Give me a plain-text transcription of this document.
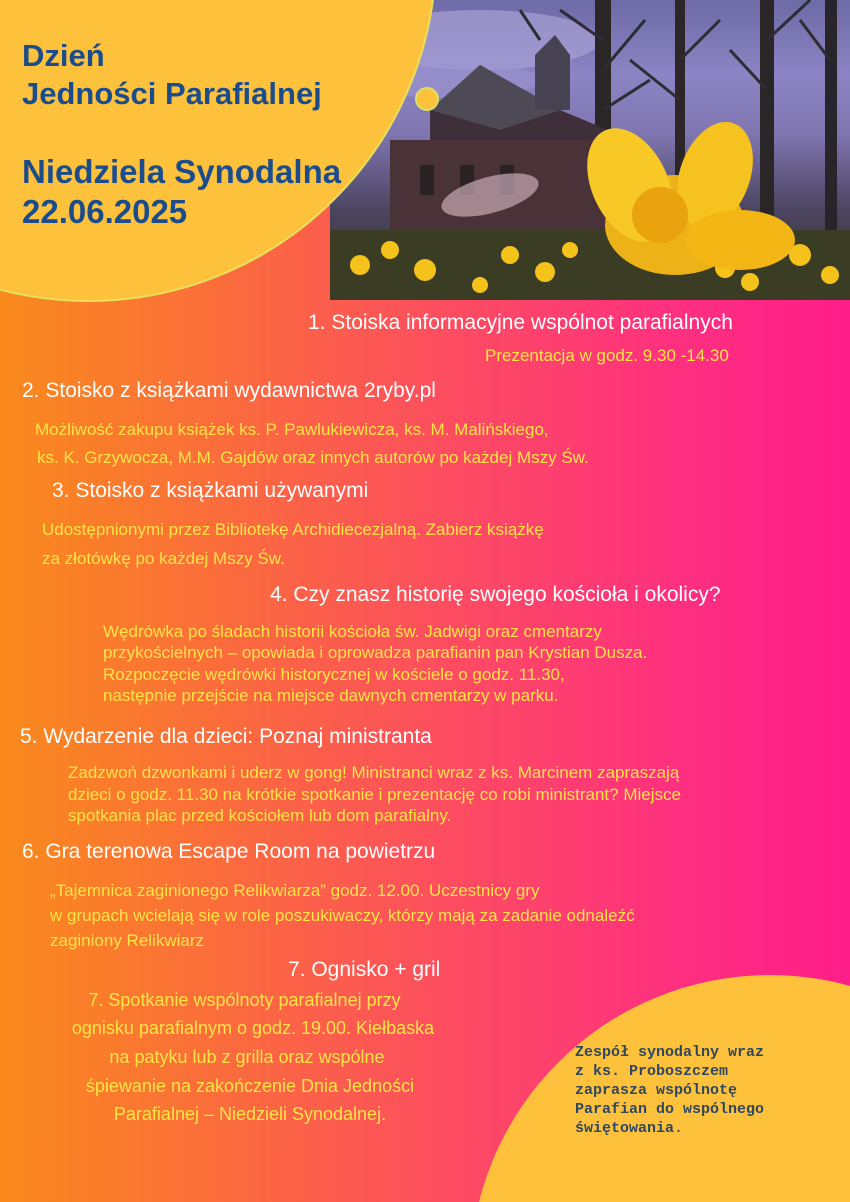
Dzień
Jedności Parafialnej
Niedziela Synodalna
22.06.2025
1. Stoiska informacyjne wspólnot parafialnych
Prezentacja w godz. 9.30 -14.30
2. Stoisko z książkami wydawnictwa 2ryby.pl
Możliwość zakupu książek ks. P. Pawlukiewicza, ks. M. Malińskiego,
ks. K. Grzywocza, M.M. Gajdów oraz innych autorów po każdej Mszy Św.
3. Stoisko z książkami używanymi
Udostępnionymi przez Bibliotekę Archidiecezjalną. Zabierz książkę
za złotówkę po każdej Mszy Św.
4. Czy znasz historię swojego kościoła i okolicy?
Wędrówka po śladach historii kościoła św. Jadwigi oraz cmentarzy
przykościelnych – opowiada i oprowadza parafianin pan Krystian Dusza.
Rozpoczęcie wędrówki historycznej w kościele o godz. 11.30,
następnie przejście na miejsce dawnych cmentarzy w parku.
5. Wydarzenie dla dzieci: Poznaj ministranta
Zadzwoń dzwonkami i uderz w gong! Ministranci wraz z ks. Marcinem zapraszają
dzieci o godz. 11.30 na krótkie spotkanie i prezentację co robi ministrant? Miejsce
spotkania plac przed kościołem lub dom parafialny.
6. Gra terenowa Escape Room na powietrzu
„Tajemnica zaginionego Relikwiarza” godz. 12.00. Uczestnicy gry
w grupach wcielają się w role poszukiwaczy, którzy mają za zadanie odnaleźć
zaginiony Relikwiarz
7. Ognisko + gril
7. Spotkanie wspólnoty parafialnej przy
ognisku parafialnym o godz. 19.00. Kiełbaska
na patyku lub z grilla oraz wspólne
śpiewanie na zakończenie Dnia Jedności
Parafialnej – Niedzieli Synodalnej.
Zespół synodalny wraz
z ks. Proboszczem
zaprasza wspólnotę
Parafian do wspólnego
świętowania.
